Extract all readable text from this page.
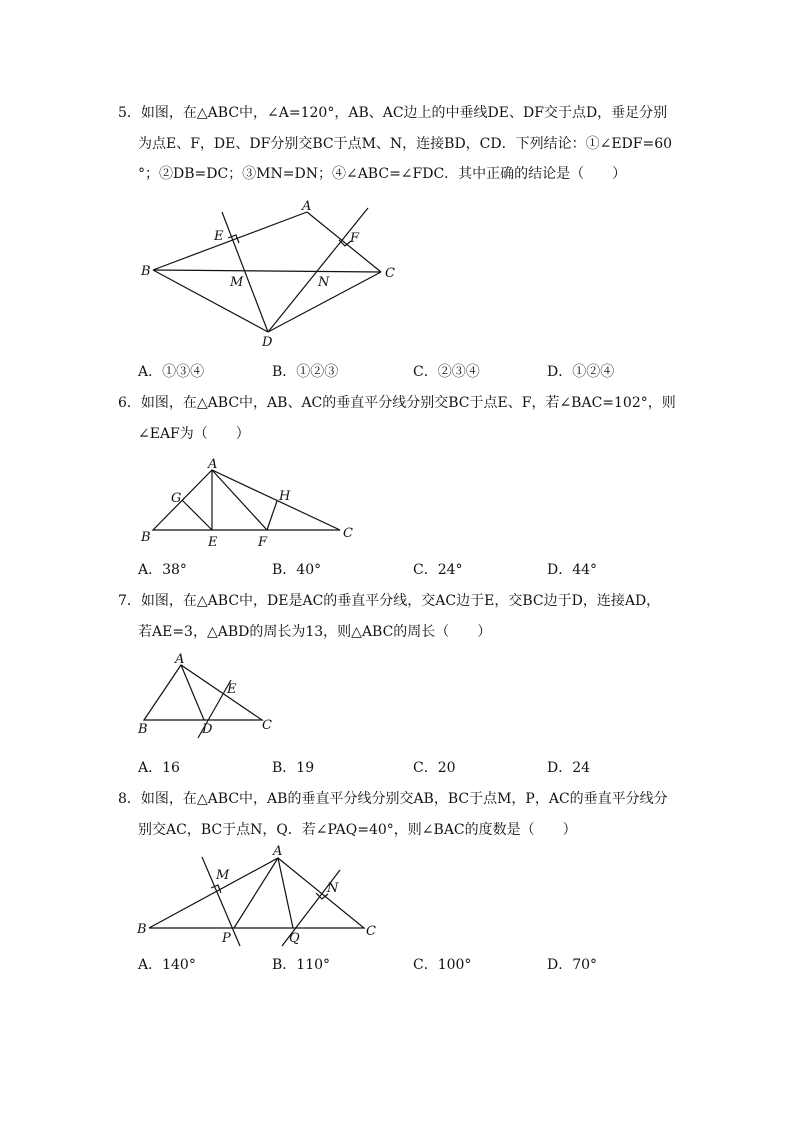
5．如图，在△ABC中，∠A=120°，AB、AC边上的中垂线DE、DF交于点D，垂足分别
为点E、F，DE、DF分别交BC于点M、N，连接BD，CD．下列结论：①∠EDF=60
°；②DB=DC；③MN=DN；④∠ABC=∠FDC．其中正确的结论是（　　）
A
B	C
D
E	F
M	N
A．①③④	B．①②③	C．②③④	D．①②④
6．如图，在△ABC中，AB、AC的垂直平分线分别交BC于点E、F，若∠BAC=102°，则
∠EAF为（　　）
A
B	C
E	F
G	H
A．38°	B．40°	C．24°	D．44°
7．如图，在△ABC中，DE是AC的垂直平分线，交AC边于E，交BC边于D，连接AD，
若AE=3，△ABD的周长为13，则△ABC的周长（　　）
A
B	C
D
E
A．16	B．19	C．20	D．24
8．如图，在△ABC中，AB的垂直平分线分别交AB，BC于点M，P，AC的垂直平分线分
别交AC，BC于点N，Q．若∠PAQ=40°，则∠BAC的度数是（　　）
A
B	C
M
N
P	Q
A．140°	B．110°	C．100°	D．70°
